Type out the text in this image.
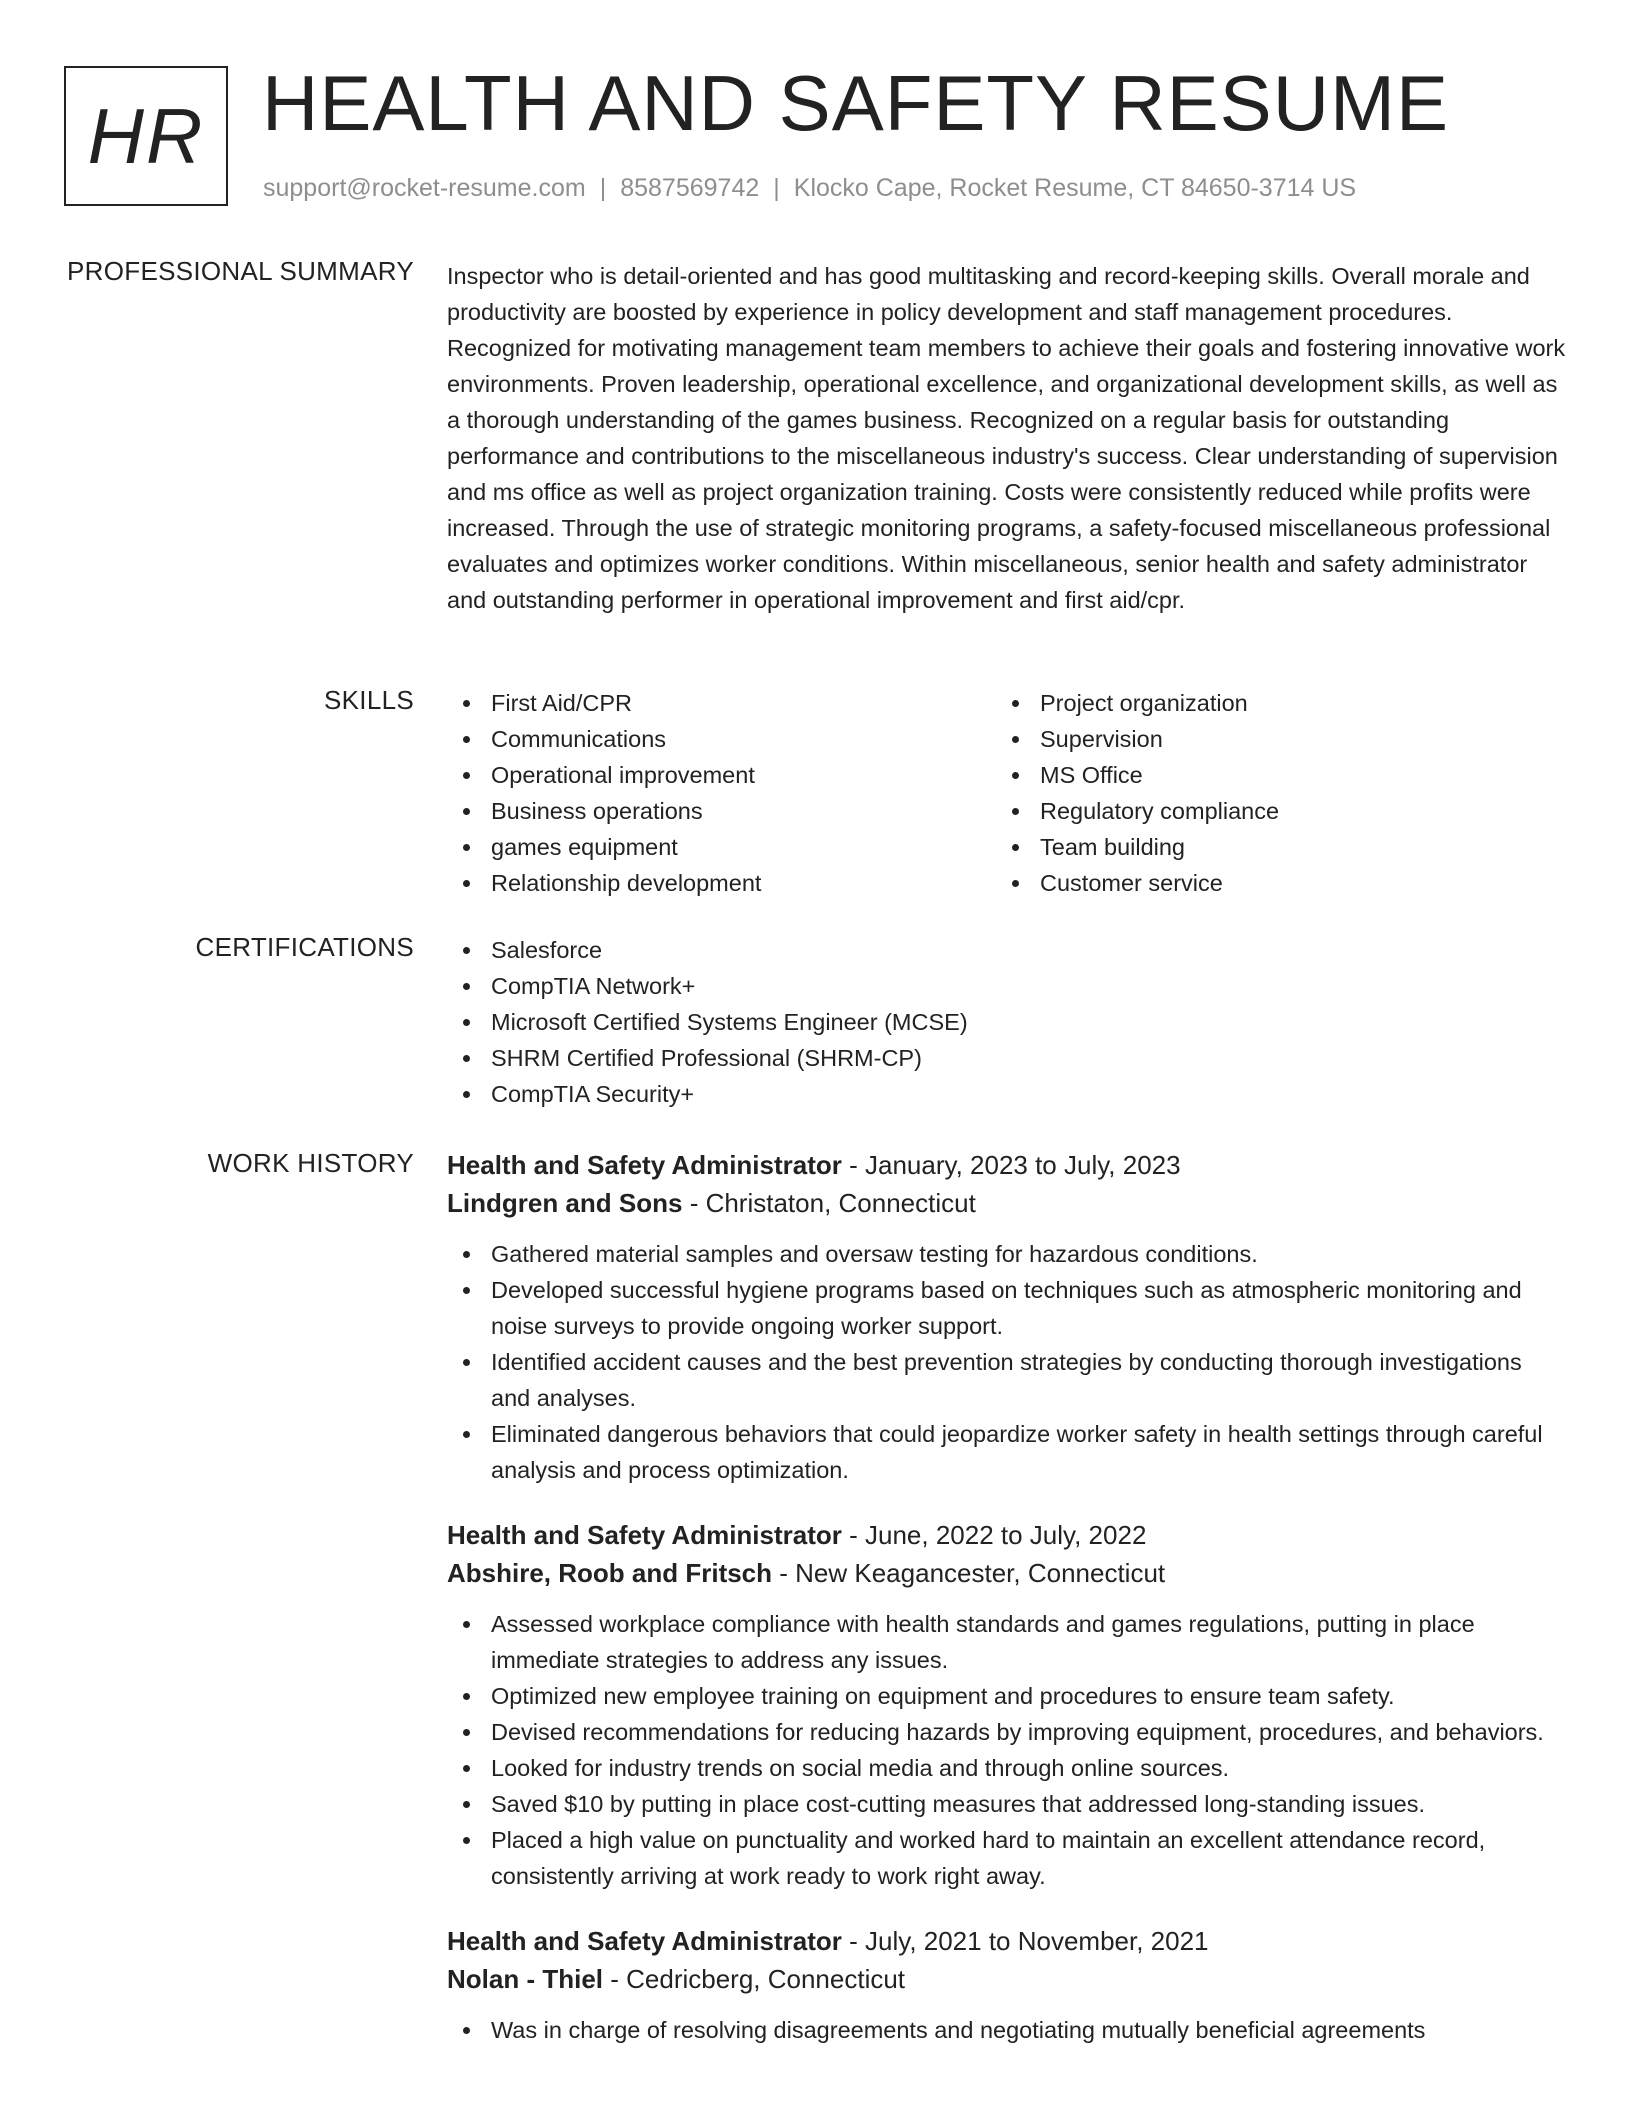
HR HEALTH AND SAFETY RESUME
support@rocket-resume.com | 8587569742 | Klocko Cape, Rocket Resume, CT 84650-3714 US
PROFESSIONAL SUMMARY Inspector who is detail-oriented and has good multitasking and record-keeping skills. Overall morale and productivity are boosted by experience in policy development and staff management procedures. Recognized for motivating management team members to achieve their goals and fostering innovative work environments. Proven leadership, operational excellence, and organizational development skills, as well as a thorough understanding of the games business. Recognized on a regular basis for outstanding performance and contributions to the miscellaneous industry's success. Clear understanding of supervision and ms office as well as project organization training. Costs were consistently reduced while profits were increased. Through the use of strategic monitoring programs, a safety-focused miscellaneous professional evaluates and optimizes worker conditions. Within miscellaneous, senior health and safety administrator and outstanding performer in operational improvement and first aid/cpr.

SKILLS	First Aid/CPR
Communications
Operational improvement
Business operations
games equipment
Relationship development
Project organization
Supervision
MS Office
Regulatory compliance
Team building
Customer service
CERTIFICATIONS	Salesforce
CompTIA Network+
Microsoft Certified Systems Engineer (MCSE)
SHRM Certified Professional (SHRM-CP)
CompTIA Security+
WORK HISTORY Health and Safety Administrator - January, 2023 to July, 2023
Lindgren and Sons - Christaton, Connecticut
Gathered material samples and oversaw testing for hazardous conditions.
Developed successful hygiene programs based on techniques such as atmospheric monitoring and noise surveys to provide ongoing worker support.
Identified accident causes and the best prevention strategies by conducting thorough investigations and analyses.
Eliminated dangerous behaviors that could jeopardize worker safety in health settings through careful analysis and process optimization.
Health and Safety Administrator - June, 2022 to July, 2022
Abshire, Roob and Fritsch - New Keagancester, Connecticut
Assessed workplace compliance with health standards and games regulations, putting in place immediate strategies to address any issues.
Optimized new employee training on equipment and procedures to ensure team safety.
Devised recommendations for reducing hazards by improving equipment, procedures, and behaviors.
Looked for industry trends on social media and through online sources.
Saved $10 by putting in place cost-cutting measures that addressed long-standing issues.
Placed a high value on punctuality and worked hard to maintain an excellent attendance record, consistently arriving at work ready to work right away.
Health and Safety Administrator - July, 2021 to November, 2021
Nolan - Thiel - Cedricberg, Connecticut
Was in charge of resolving disagreements and negotiating mutually beneficial agreements
